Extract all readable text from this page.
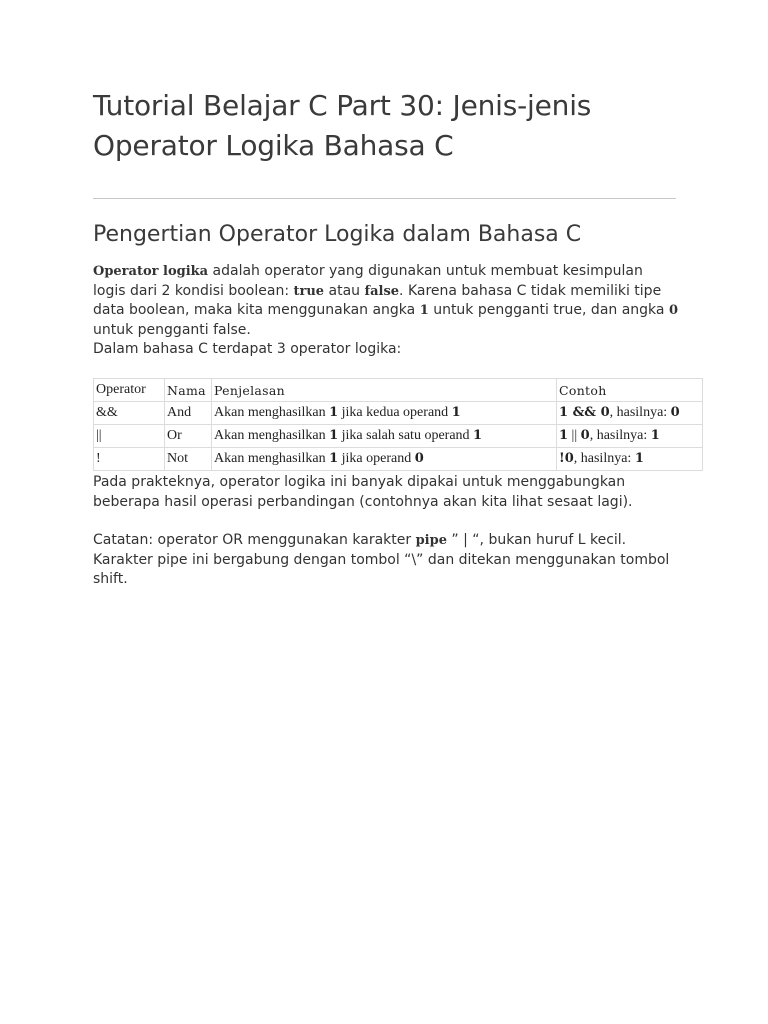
Tutorial Belajar C Part 30: Jenis-jenis Operator Logika Bahasa C
Pengertian Operator Logika dalam Bahasa C

Operator logika adalah operator yang digunakan untuk membuat kesimpulan logis dari 2 kondisi boolean: true atau false. Karena bahasa C tidak memiliki tipe data boolean, maka kita menggunakan angka 1 untuk pengganti true, dan angka 0 untuk pengganti false.
Dalam bahasa C terdapat 3 operator logika:

Operator	Nama	Penjelasan	Contoh
&&	And	Akan menghasilkan 1 jika kedua operand 1	1 && 0, hasilnya: 0
||	Or	Akan menghasilkan 1 jika salah satu operand 1	1 || 0, hasilnya: 1
!	Not	Akan menghasilkan 1 jika operand 0	!0, hasilnya: 1

Pada prakteknya, operator logika ini banyak dipakai untuk menggabungkan beberapa hasil operasi perbandingan (contohnya akan kita lihat sesaat lagi).

Catatan: operator OR menggunakan karakter pipe ” | “, bukan huruf L kecil.
Karakter pipe ini bergabung dengan tombol “\” dan ditekan menggunakan tombol shift.
